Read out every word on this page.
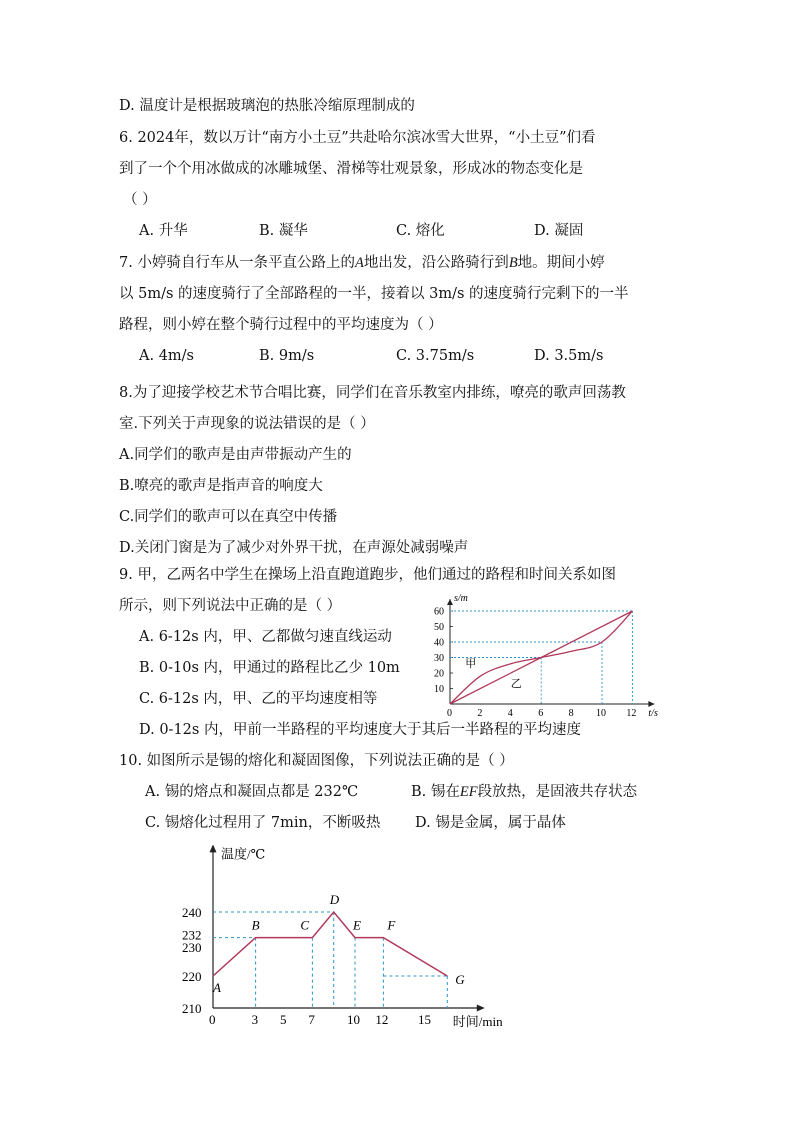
D. 温度计是根据玻璃泡的热胀冷缩原理制成的
6. 2024年，数以万计“南方小土豆”共赴哈尔滨冰雪大世界，“小土豆”们看
到了一个个用冰做成的冰雕城堡、滑梯等壮观景象，形成冰的物态变化是
（ ）
A. 升华	B. 凝华	C. 熔化	D. 凝固
7. 小婷骑自行车从一条平直公路上的A地出发，沿公路骑行到B地。期间小婷
以 5m/s 的速度骑行了全部路程的一半，接着以 3m/s 的速度骑行完剩下的一半
路程，则小婷在整个骑行过程中的平均速度为（ ）
A. 4m/s	B. 9m/s	C. 3.75m/s	D. 3.5m/s
8.为了迎接学校艺术节合唱比赛，同学们在音乐教室内排练，嘹亮的歌声回荡教
室.下列关于声现象的说法错误的是（ ）
A.同学们的歌声是由声带振动产生的
B.嘹亮的歌声是指声音的响度大
C.同学们的歌声可以在真空中传播
D.关闭门窗是为了减少对外界干扰，在声源处减弱噪声
9. 甲，乙两名中学生在操场上沿直跑道跑步，他们通过的路程和时间关系如图
所示，则下列说法中正确的是（ ）
A. 6-12s 内，甲、乙都做匀速直线运动
B. 0-10s 内，甲通过的路程比乙少 10m
C. 6-12s 内，甲、乙的平均速度相等
D. 0-12s 内，甲前一半路程的平均速度大于其后一半路程的平均速度
s/m
t/s
0	2	4	6	8 10 12
10
20
30
40
50
60
甲
乙
10. 如图所示是锡的熔化和凝固图像，下列说法正确的是（ ）
A. 锡的熔点和凝固点都是 232℃	B. 锡在EF段放热，是固液共存状态
C. 锡熔化过程用了 7min，不断吸热 D. 锡是金属，属于晶体
温度/℃
时间/min
0	3 5 7 10 12 15
210
220
230
232
240
A
B	C
D
E F
G
